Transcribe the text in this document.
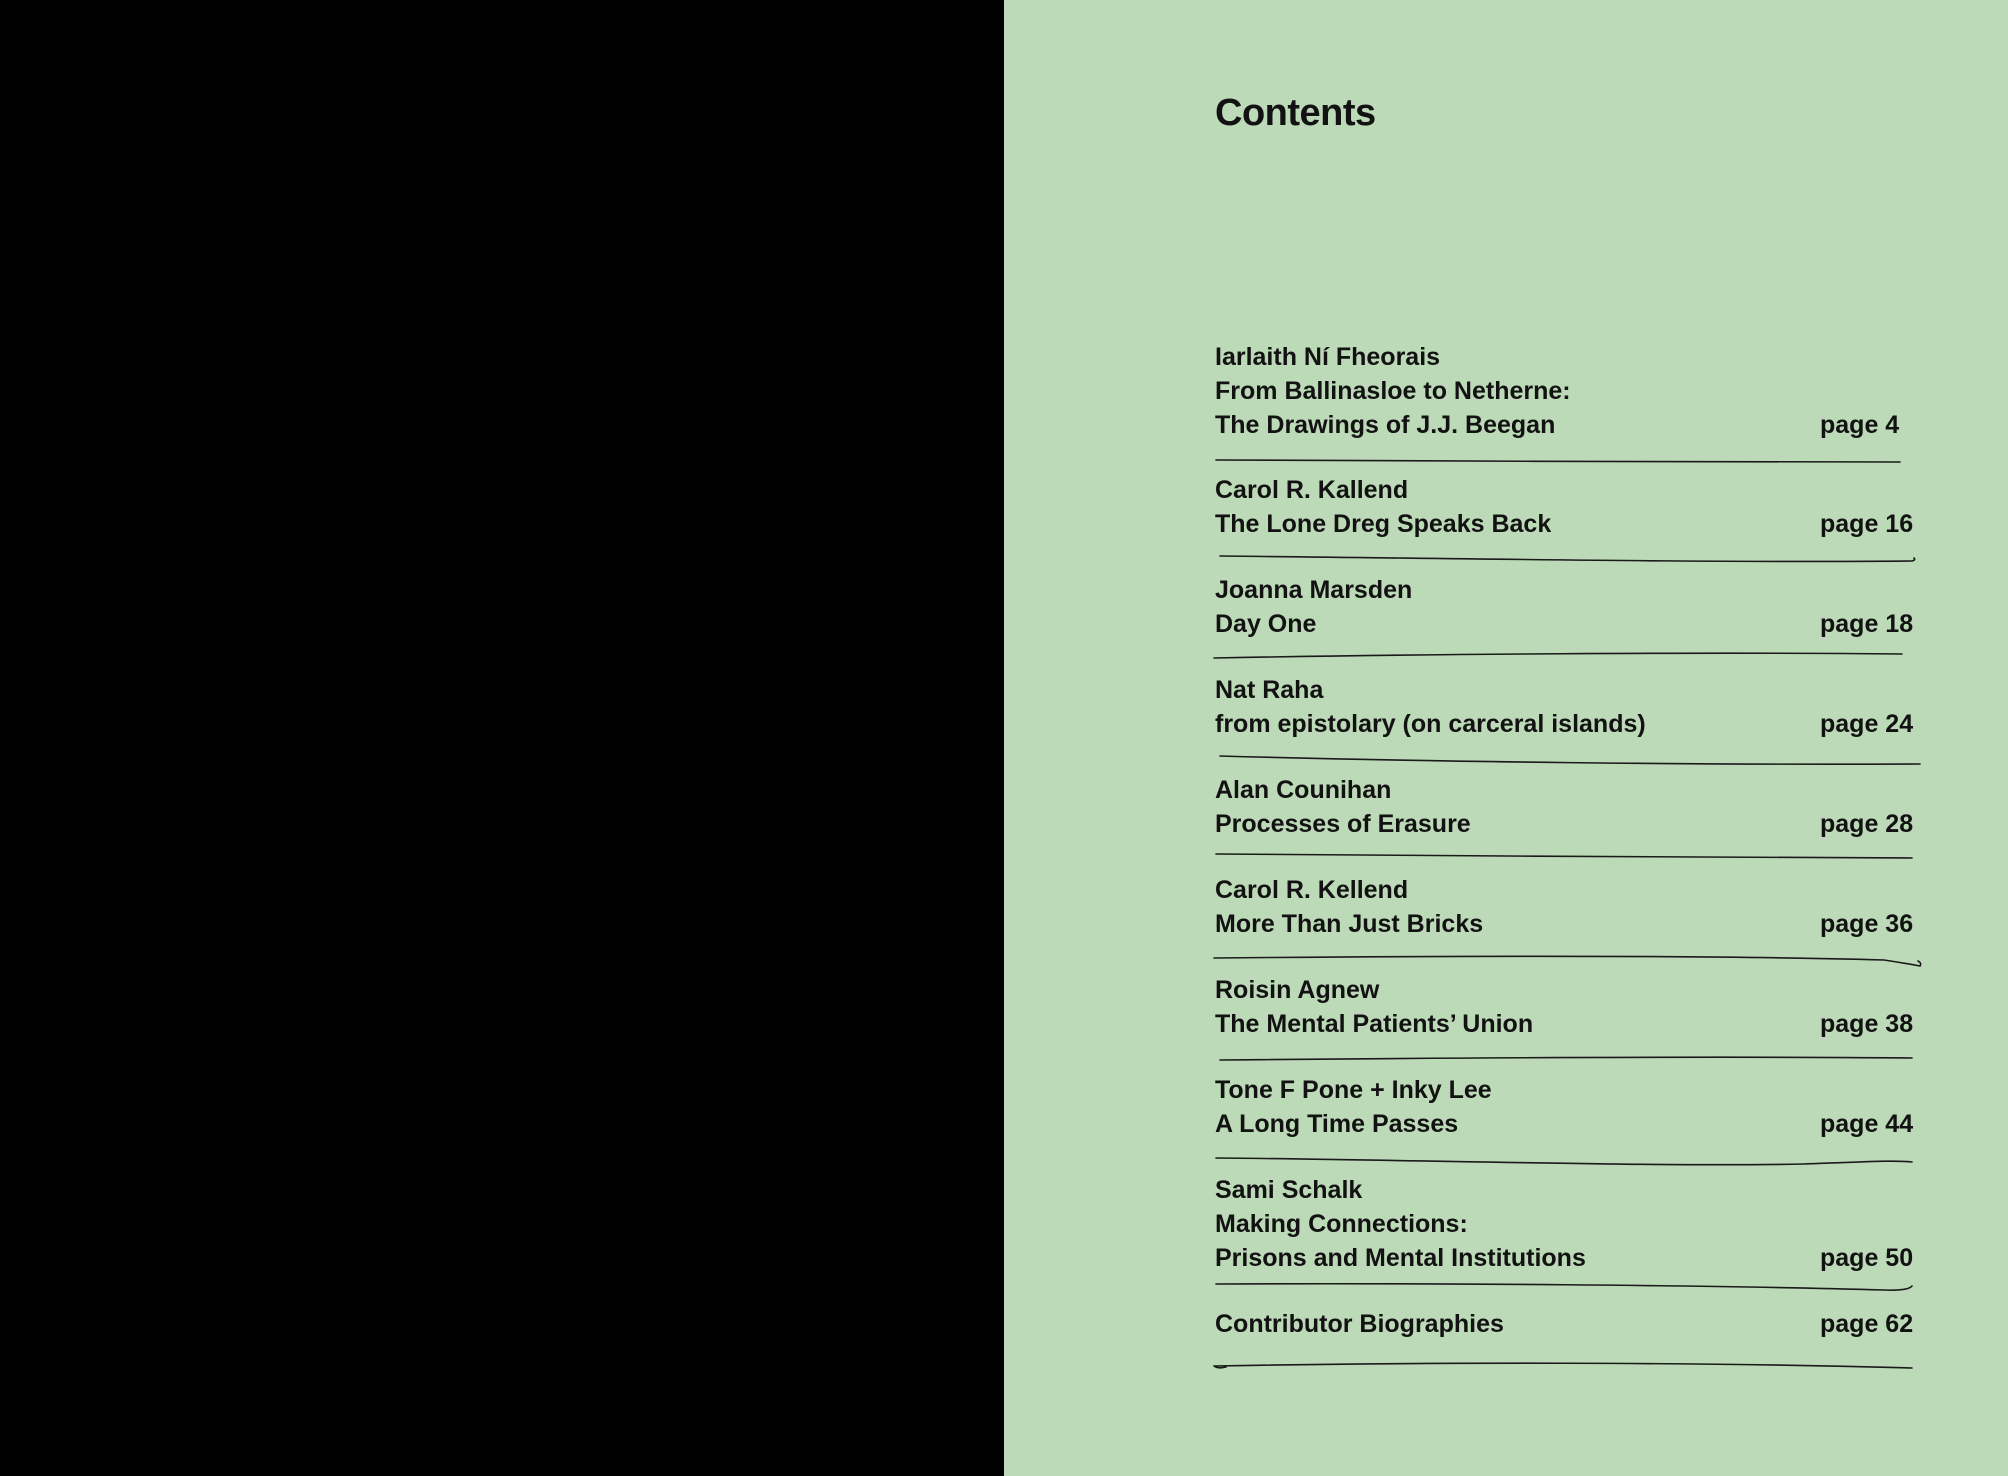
Contents
Iarlaith Ní Fheorais
From Ballinasloe to Netherne:
The Drawings of J.J. Beegan	page 4
Carol R. Kallend
The Lone Dreg Speaks Back	page 16
Joanna Marsden
Day One	page 18
Nat Raha
from epistolary (on carceral islands)	page 24
Alan Counihan
Processes of Erasure	page 28
Carol R. Kellend
More Than Just Bricks	page 36
Roisin Agnew
The Mental Patients’ Union	page 38
Tone F Pone + Inky Lee
A Long Time Passes	page 44
Sami Schalk
Making Connections:
Prisons and Mental Institutions	page 50
Contributor Biographies	page 62
